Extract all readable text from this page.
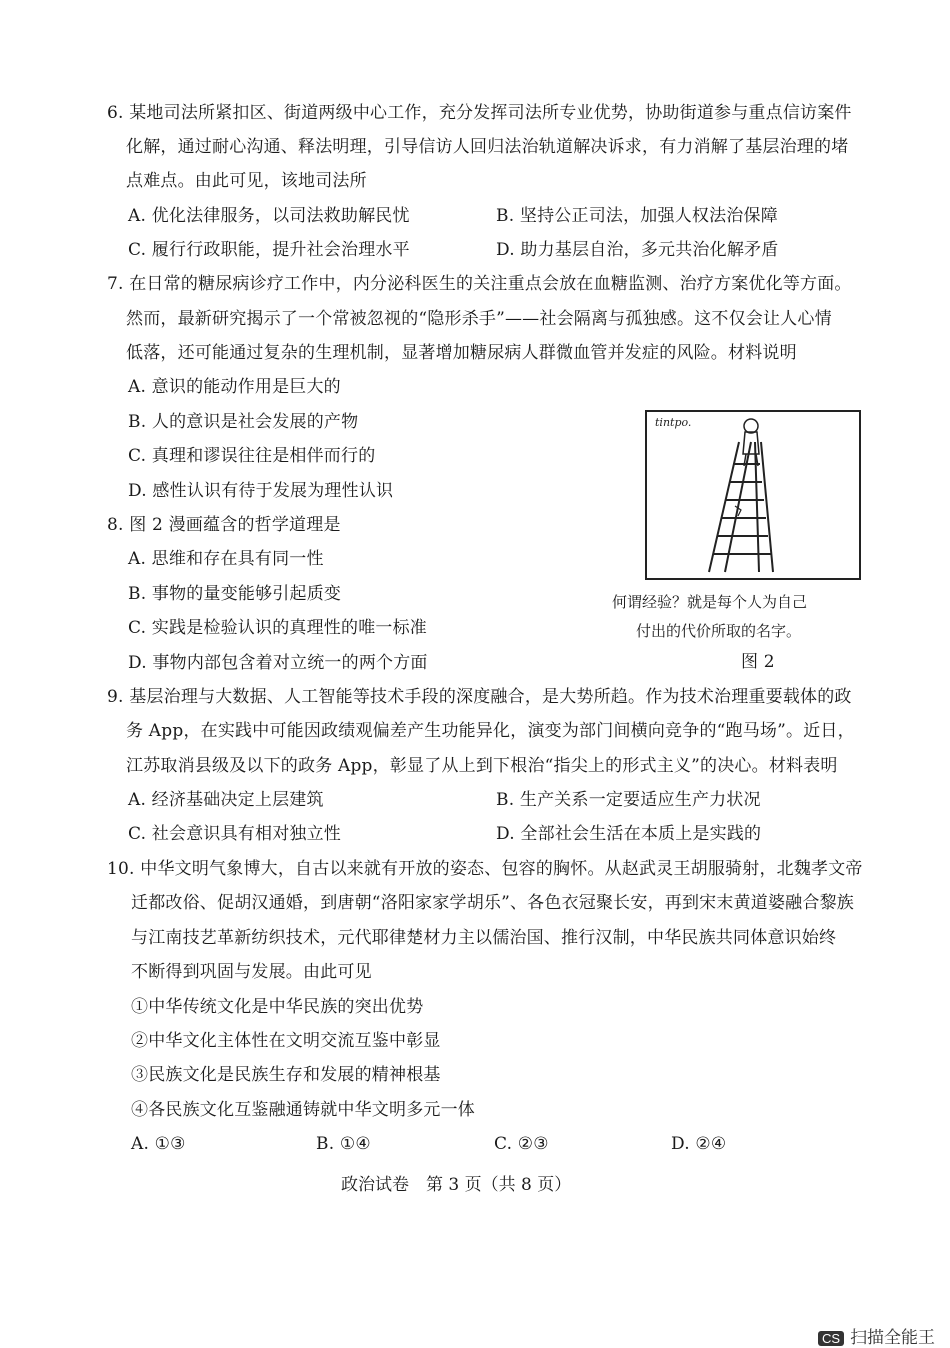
6. 某地司法所紧扣区、街道两级中心工作，充分发挥司法所专业优势，协助街道参与重点信访案件
化解，通过耐心沟通、释法明理，引导信访人回归法治轨道解决诉求，有力消解了基层治理的堵
点难点。由此可见，该地司法所
A. 优化法律服务，以司法救助解民忧	B. 坚持公正司法，加强人权法治保障
C. 履行行政职能，提升社会治理水平	D. 助力基层自治，多元共治化解矛盾
7. 在日常的糖尿病诊疗工作中，内分泌科医生的关注重点会放在血糖监测、治疗方案优化等方面。
然而，最新研究揭示了一个常被忽视的“隐形杀手”——社会隔离与孤独感。这不仅会让人心情
低落，还可能通过复杂的生理机制，显著增加糖尿病人群微血管并发症的风险。材料说明
A. 意识的能动作用是巨大的
B. 人的意识是社会发展的产物
C. 真理和谬误往往是相伴而行的
D. 感性认识有待于发展为理性认识
8. 图 2 漫画蕴含的哲学道理是
A. 思维和存在具有同一性
B. 事物的量变能够引起质变
C. 实践是检验认识的真理性的唯一标准
D. 事物内部包含着对立统一的两个方面
tintpo.
何谓经验？就是每个人为自己
付出的代价所取的名字。
图 2
9. 基层治理与大数据、人工智能等技术手段的深度融合，是大势所趋。作为技术治理重要载体的政
务 App，在实践中可能因政绩观偏差产生功能异化，演变为部门间横向竞争的“跑马场”。近日，
江苏取消县级及以下的政务 App，彰显了从上到下根治“指尖上的形式主义”的决心。材料表明
A. 经济基础决定上层建筑	B. 生产关系一定要适应生产力状况
C. 社会意识具有相对独立性	D. 全部社会生活在本质上是实践的
10. 中华文明气象博大，自古以来就有开放的姿态、包容的胸怀。从赵武灵王胡服骑射，北魏孝文帝
迁都改俗、促胡汉通婚，到唐朝“洛阳家家学胡乐”、各色衣冠聚长安，再到宋末黄道婆融合黎族
与江南技艺革新纺织技术，元代耶律楚材力主以儒治国、推行汉制，中华民族共同体意识始终
不断得到巩固与发展。由此可见
①中华传统文化是中华民族的突出优势
②中华文化主体性在文明交流互鉴中彰显
③民族文化是民族生存和发展的精神根基
④各民族文化互鉴融通铸就中华文明多元一体
A. ①③	B. ①④	C. ②③	D. ②④
政治试卷　第 3 页（共 8 页）
CS 扫描全能王
